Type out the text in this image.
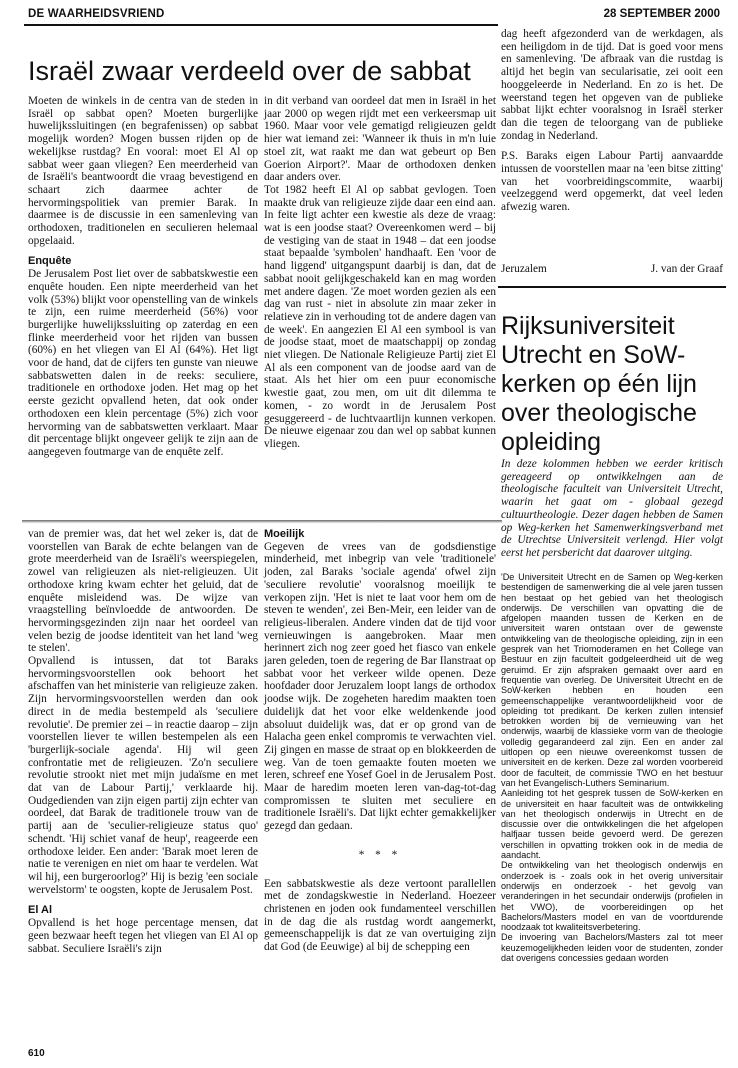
DE WAARHEIDSVRIEND	28 SEPTEMBER 2000
Israël zwaar verdeeld over de sabbat

Moeten de winkels in de centra van de steden in Israël op sabbat open? Moeten burgerlijke huwelijkssluitingen (en begrafenissen) op sabbat mogelijk worden? Mogen bussen rijden op de wekelijkse rustdag? En vooral: moet El Al op sabbat weer gaan vliegen? Een meerderheid van de Israëli's beantwoordt die vraag bevestigend en schaart zich daarmee achter de hervormingspolitiek van premier Barak. In daarmee is de discussie in een samenleving van orthodoxen, traditionelen en seculieren helemaal opgelaaid.

Enquête

De Jerusalem Post liet over de sabbatskwestie een enquête houden. Een nipte meerderheid van het volk (53%) blijkt voor openstelling van de winkels te zijn, een ruime meerderheid (56%) voor burgerlijke huwelijkssluiting op zaterdag en een flinke meerderheid voor het rijden van bussen (60%) en het vliegen van El Al (64%). Het ligt voor de hand, dat de cijfers ten gunste van nieuwe sabbatswetten dalen in de reeks: seculiere, traditionele en orthodoxe joden. Het mag op het eerste gezicht opvallend heten, dat ook onder orthodoxen een klein percentage (5%) zich voor hervorming van de sabbatswetten verklaart. Maar dit percentage blijkt ongeveer gelijk te zijn aan de aangegeven foutmarge van de enquête zelf.

in dit verband van oordeel dat men in Israël in het jaar 2000 op wegen rijdt met een verkeersmap uit 1960. Maar voor vele gematigd religieuzen geldt hier wat iemand zei: 'Wanneer ik thuis in m'n luie stoel zit, wat raakt me dan wat gebeurt op Ben Goerion Airport?'. Maar de orthodoxen denken daar anders over.

Tot 1982 heeft El Al op sabbat gevlogen. Toen maakte druk van religieuze zijde daar een eind aan.

In feite ligt achter een kwestie als deze de vraag: wat is een joodse staat? Overeenkomen werd – bij de vestiging van de staat in 1948 – dat een joodse staat bepaalde 'symbolen' handhaaft. Een 'voor de hand liggend' uitgangspunt daarbij is dan, dat de sabbat nooit gelijkgeschakeld kan en mag worden met andere dagen. 'Ze moet worden gezien als een dag van rust - niet in absolute zin maar zeker in relatieve zin in verhouding tot de andere dagen van de week'. En aangezien El Al een symbool is van de joodse staat, moet de maatschappij op zondag niet vliegen. De Nationale Religieuze Partij ziet El Al als een component van de joodse aard van de staat. Als het hier om een puur economische kwestie gaat, zou men, om uit dit dilemma te komen, - zo wordt in de Jerusalem Post gesuggereerd - de luchtvaartlijn kunnen verkopen. De nieuwe eigenaar zou dan wel op sabbat kunnen vliegen.

van de premier was, dat het wel zeker is, dat de voorstellen van Barak de echte belangen van de grote meerderheid van de Israëli's weerspiegelen, zowel van religieuzen als niet-religieuzen. Uit orthodoxe kring kwam echter het geluid, dat de enquête misleidend was. De wijze van vraagstelling beïnvloedde de antwoorden. De hervormingsgezinden zijn naar het oordeel van velen bezig de joodse identiteit van het land 'weg te stelen'.

Opvallend is intussen, dat tot Baraks hervormingsvoorstellen ook behoort het afschaffen van het ministerie van religieuze zaken. Zijn hervormingsvoorstellen werden dan ook direct in de media bestempeld als 'seculiere revolutie'. De premier zei – in reactie daarop – zijn voorstellen liever te willen bestempelen als een 'burgerlijk-sociale agenda'. Hij wil geen confrontatie met de religieuzen. 'Zo'n seculiere revolutie strookt niet met mijn judaïsme en met dat van de Labour Partij,' verklaarde hij. Oudgedienden van zijn eigen partij zijn echter van oordeel, dat Barak de traditionele trouw van de partij aan de 'seculier-religieuze status quo' schendt. 'Hij schiet vanaf de heup', reageerde een orthodoxe leider. Een ander: 'Barak moet leren de natie te verenigen en niet om haar te verdelen. Wat wil hij, een burgeroorlog?' Hij is bezig 'een sociale wervelstorm' te oogsten, kopte de Jerusalem Post.

El Al

Opvallend is het hoge percentage mensen, dat geen bezwaar heeft tegen het vliegen van El Al op sabbat. Seculiere Israëli's zijn

Moeilijk

Gegeven de vrees van de godsdienstige minderheid, met inbegrip van vele 'traditionele' joden, zal Baraks 'sociale agenda' ofwel zijn 'seculiere revolutie' vooralsnog moeilijk te verkopen zijn. 'Het is niet te laat voor hem om de steven te wenden', zei Ben-Meir, een leider van de religieus-liberalen. Andere vinden dat de tijd voor vernieuwingen is aangebroken. Maar men herinnert zich nog zeer goed het fiasco van enkele jaren geleden, toen de regering de Bar Ilanstraat op sabbat voor het verkeer wilde openen. Deze hoofdader door Jeruzalem loopt langs de orthodox joodse wijk. De zogeheten haredim maakten toen duidelijk dat het voor elke weldenkende jood absoluut duidelijk was, dat er op grond van de Halacha geen enkel compromis te verwachten viel. Zij gingen en masse de straat op en blokkeerden de weg. Van de toen gemaakte fouten moeten we leren, schreef ene Yosef Goel in de Jerusalem Post. Maar de haredim moeten leren van-dag-tot-dag compromissen te sluiten met seculiere en traditionele Israëli's. Dat lijkt echter gemakkelijker gezegd dan gedaan.

* * *

Een sabbatskwestie als deze vertoont parallellen met de zondagskwestie in Nederland. Hoezeer christenen en joden ook fundamenteel verschillen in de dag die als rustdag wordt aangemerkt, gemeenschappelijk is dat ze van overtuiging zijn dat God (de Eeuwige) al bij de schepping een

dag heeft afgezonderd van de werkdagen, als een heiligdom in de tijd. Dat is goed voor mens en samenleving. 'De afbraak van die rustdag is altijd het begin van secularisatie, zei ooit een hooggeleerde in Nederland. En zo is het. De weerstand tegen het opgeven van de publieke sabbat lijkt echter vooralsnog in Israël sterker dan die tegen de teloorgang van de publieke zondag in Nederland.

P.S. Baraks eigen Labour Partij aanvaardde intussen de voorstellen maar na 'een bitse zitting' van het voorbreidingscommite, waarbij veelzeggend werd opgemerkt, dat veel leden afwezig waren.

Jeruzalem	J. van der Graaf
Rijksuniversiteit Utrecht en SoW-kerken op één lijn over theologische opleiding
In deze kolommen hebben we eerder kritisch gereageerd op ontwikkelngen aan de theologische faculteit van Universiteit Utrecht, waarin het gaat om - globaal gezegd cultuurtheologie. Dezer dagen hebben de Samen op Weg-kerken het Samenwerkingsverband met de Utrechtse Universiteit verlengd. Hier volgt eerst het persbericht dat daarover uitging.

'De Universiteit Utrecht en de Samen op Weg-kerken bestendigen de samenwerking die al vele jaren tussen hen bestaat op het gebied van het theologisch onderwijs. De verschillen van opvatting die de afgelopen maanden tussen de Kerken en de universiteit waren ontstaan over de gewenste ontwikkeling van de theologische opleiding, zijn in een gesprek van het Triomoderamen en het College van Bestuur en zijn faculteit godgeleerdheid uit de weg geruimd. Er zijn afspraken gemaakt over aard en frequentie van overleg. De Universiteit Utrecht en de SoW-kerken hebben en houden een gemeenschappelijke verantwoordelijkheid voor de opleiding tot predikant. De kerken zullen intensief betrokken worden bij de vernieuwing van het onderwijs, waarbij de klassieke vorm van de theologie volledig gegarandeerd zal zijn. Een en ander zal uitlopen op een nieuwe overeenkomst tussen de universiteit en de kerken. Deze zal worden voorbereid door de faculteit, de commissie TWO en het bestuur van het Evangelisch-Luthers Seminarium.

Aanleiding tot het gesprek tussen de SoW-kerken en de universiteit en haar faculteit was de ontwikkeling van het theologisch onderwijs in Utrecht en de discussie over die ontwikkelingen die het afgelopen halfjaar tussen beide gevoerd werd. De gerezen verschillen in opvatting trokken ook in de media de aandacht.

De ontwikkeling van het theologisch onderwijs en onderzoek is - zoals ook in het overig universitair onderwijs en onderzoek - het gevolg van veranderingen in het secundair onderwijs (profielen in het VWO), de voorbereidingen op het Bachelors/Masters model en van de voortdurende noodzaak tot kwaliteitsverbetering.

De invoering van Bachelors/Masters zal tot meer keuzemogelijkheden leiden voor de studenten, zonder dat overigens concessies gedaan worden

610
